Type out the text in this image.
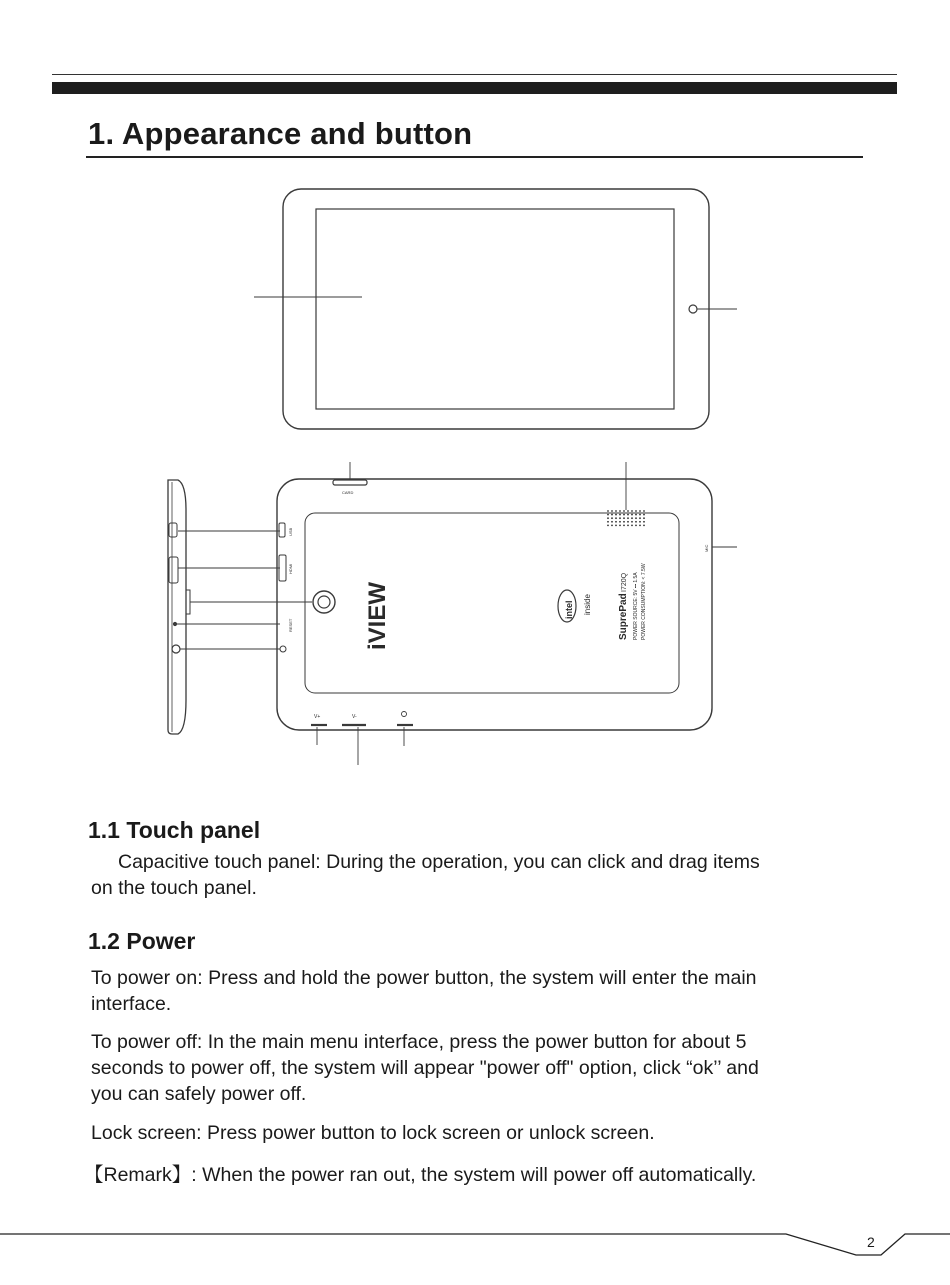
1. Appearance and button
iVIEW	intel inside	SuprePad
I720Q POWER SOURCE: 5V ⎓ 1.5A POWER CONSUMPTION: < 7.5W
CARD
MIC
USB
HDMI
RESET
V+	V-
1.1 Touch panel
Capacitive touch panel: During the operation, you can click and drag items
on the touch panel.
1.2 Power
To power on: Press and hold the power button, the system will enter the main
interface.
To power off: In the main menu interface, press the power button for about 5
seconds to power off, the system will appear "power off" option, click “ok’’ and
you can safely power off.
Lock screen: Press power button to lock screen or unlock screen.
【Remark】: When the power ran out, the system will power off automatically.
2
